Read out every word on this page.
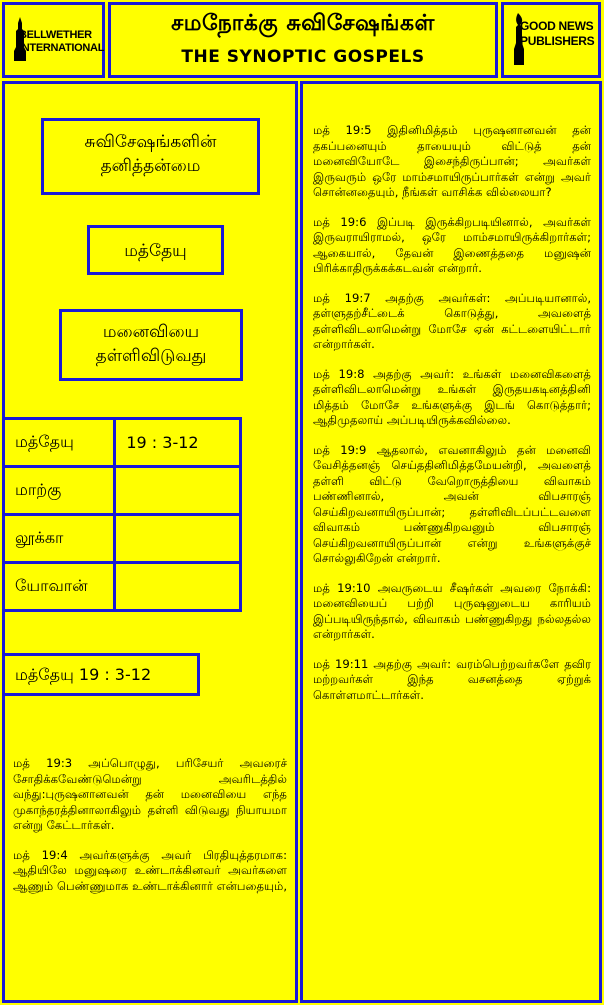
BELLWETHER
INTERNATIONAL
சமநோக்கு சுவிசேஷங்கள்
THE SYNOPTIC GOSPELS
GOOD NEWS
PUBLISHERS
சுவிசேஷங்களின்
தனித்தன்மை
மத்தேயு
மனைவியை
தள்ளிவிடுவது
மத்தேயு	19 : 3-12
மாற்கு	
லூக்கா	
யோவான்	
மத்தேயு 19 : 3-12

மத் 19:3 அப்பொழுது, பரிசேயர் அவரைச் சோதிக்கவேண்டுமென்று அவரிடத்தில் வந்து:புருஷனானவன் தன் மனைவியை எந்த முகாந்தரத்தினாலாகிலும் தள்ளி விடுவது நியாயமா என்று கேட்டார்கள்.

மத் 19:4 அவர்களுக்கு அவர் பிரதியுத்தரமாக: ஆதியிலே மனுஷரை உண்டாக்கினவர் அவர்களை ஆணும் பெண்ணுமாக உண்டாக்கினார் என்பதையும்,

மத் 19:5 இதினிமித்தம் புருஷனானவன் தன் தகப்பனையும் தாயையும் விட்டுத் தன் மனைவியோடே இசைந்திருப்பான்; அவர்கள் இருவரும் ஒரே மாம்சமாயிருப்பார்கள் என்று அவர் சொன்னதையும், நீங்கள் வாசிக்க வில்லையா?

மத் 19:6 இப்படி இருக்கிறபடியினால், அவர்கள் இருவராயிராமல், ஒரே மாம்சமாயிருக்கிறார்கள்; ஆகையால், தேவன் இணைத்ததை மனுஷன் பிரிக்காதிருக்கக்கடவன் என்றார்.

மத் 19:7 அதற்கு அவர்கள்: அப்படியானால், தள்ளுதற்சீட்டைக் கொடுத்து, அவளைத் தள்ளிவிடலாமென்று மோசே ஏன் கட்டளையிட்டார் என்றார்கள்.

மத் 19:8 அதற்கு அவர்: உங்கள் மனைவிகளைத் தள்ளிவிடலாமென்று உங்கள் இருதயகடினத்தினி மித்தம் மோசே உங்களுக்கு இடங் கொடுத்தார்; ஆதிமுதலாய் அப்படியிருக்கவில்லை.

மத் 19:9 ஆதலால், எவனாகிலும் தன் மனைவி வேசித்தனஞ் செய்ததினிமித்தமேயன்றி, அவளைத் தள்ளி விட்டு வேறொருத்தியை விவாகம் பண்ணினால், அவன் விபசாரஞ் செய்கிறவனாயிருப்பான்; தள்ளிவிடப்பட்டவளை விவாகம் பண்ணுகிறவனும் விபசாரஞ் செய்கிறவனாயிருப்பான் என்று உங்களுக்குச் சொல்லுகிறேன் என்றார்.

மத் 19:10 அவருடைய சீஷர்கள் அவரை நோக்கி: மனைவியைப் பற்றி புருஷனுடைய காரியம் இப்படியிருந்தால், விவாகம் பண்ணுகிறது நல்லதல்ல என்றார்கள்.

மத் 19:11 அதற்கு அவர்: வரம்பெற்றவர்களே தவிர மற்றவர்கள் இந்த வசனத்தை ஏற்றுக் கொள்ளமாட்டார்கள்.
